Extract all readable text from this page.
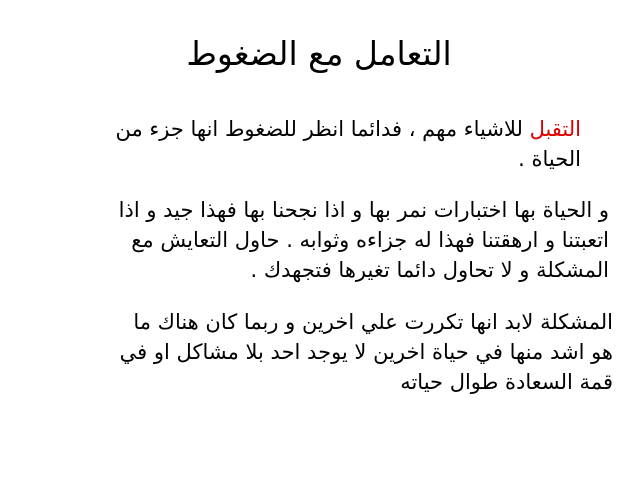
التعامل مع الضغوط

التقبل للاشياء مهم ، فدائما انظر للضغوط انها جزء من
الحياة .

و الحياة بها اختبارات نمر بها و اذا نجحنا بها فهذا جيد و اذا
اتعبتنا و ارهقتنا فهذا له جزاءه وثوابه . حاول التعايش مع
المشكلة و لا تحاول دائما تغيرها فتجهدك .

المشكلة لابد انها تكررت علي اخرين و ربما كان هناك ما
هو اشد منها في حياة اخرين لا يوجد احد بلا مشاكل او في
قمة السعادة طوال حياته
